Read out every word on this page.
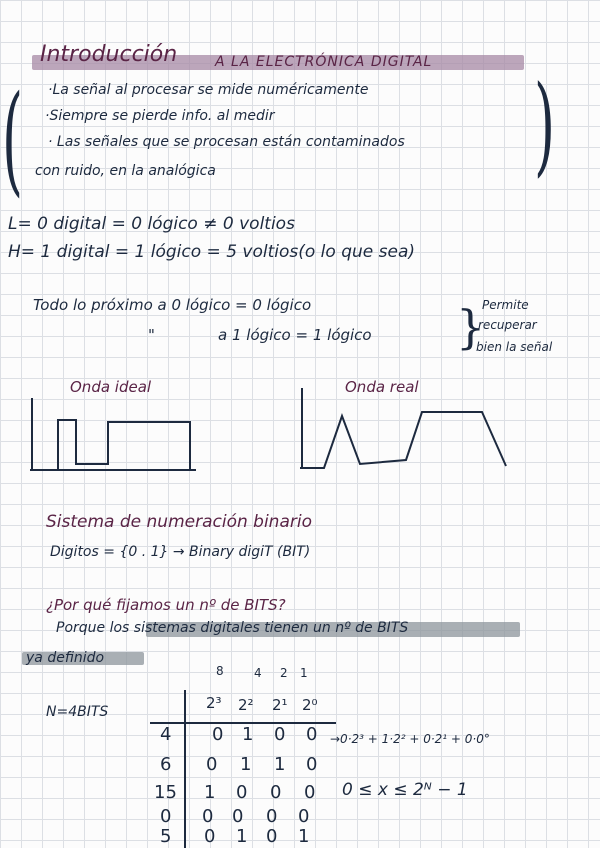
Introducción	A LA ELECTRÓNICA DIGITAL
(	)
·La señal al procesar se mide numéricamente
·Siempre se pierde info. al medir
· Las señales que se procesan están contaminados
con ruido, en la analógica
L= 0 digital = 0 lógico ≠ 0 voltios
H= 1 digital = 1 lógico = 5 voltios(o lo que sea)
Todo lo próximo a 0 lógico = 0 lógico
"	a 1 lógico = 1 lógico }
Permite
recuperar
bien la señal
Onda ideal	Onda real
Sistema de numeración binario
Digitos = {0 . 1} → Binary digiT (BIT)
¿Por qué fijamos un nº de BITS?
Porque los sistemas digitales tienen un nº de BITS
ya definido
8	4 2 1
N=4BITS	2³ 2² 2¹ 2⁰
4 0 1 0 0 →0·2³ + 1·2² + 0·2¹ + 0·0°
6 0 1 1 0
15 1 0 0 0 0 ≤ x ≤ 2ᴺ − 1
0 0 0 0 0
5 0 1 0 1
